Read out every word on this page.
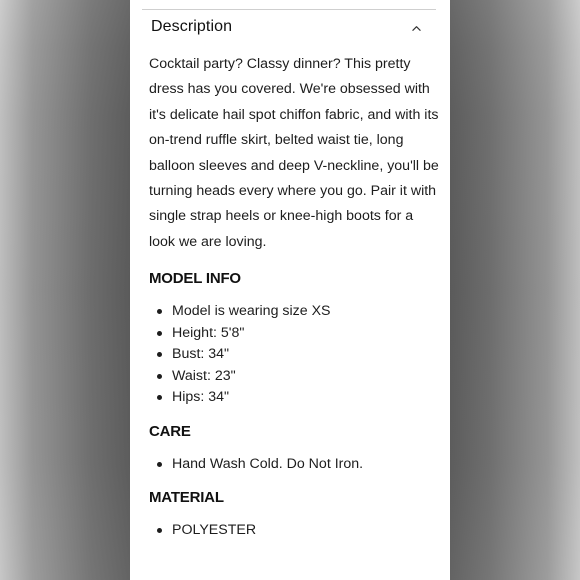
Description

Cocktail party? Classy dinner? This pretty dress has you covered. We're obsessed with it's delicate hail spot chiffon fabric, and with its on-trend ruffle skirt, belted waist tie, long balloon sleeves and deep V-neckline, you'll be turning heads every where you go. Pair it with single strap heels or knee-high boots for a look we are loving.

MODEL INFO
Model is wearing size XS
Height: 5'8"
Bust: 34"
Waist: 23"
Hips: 34"
CARE
Hand Wash Cold. Do Not Iron.
MATERIAL
POLYESTER
